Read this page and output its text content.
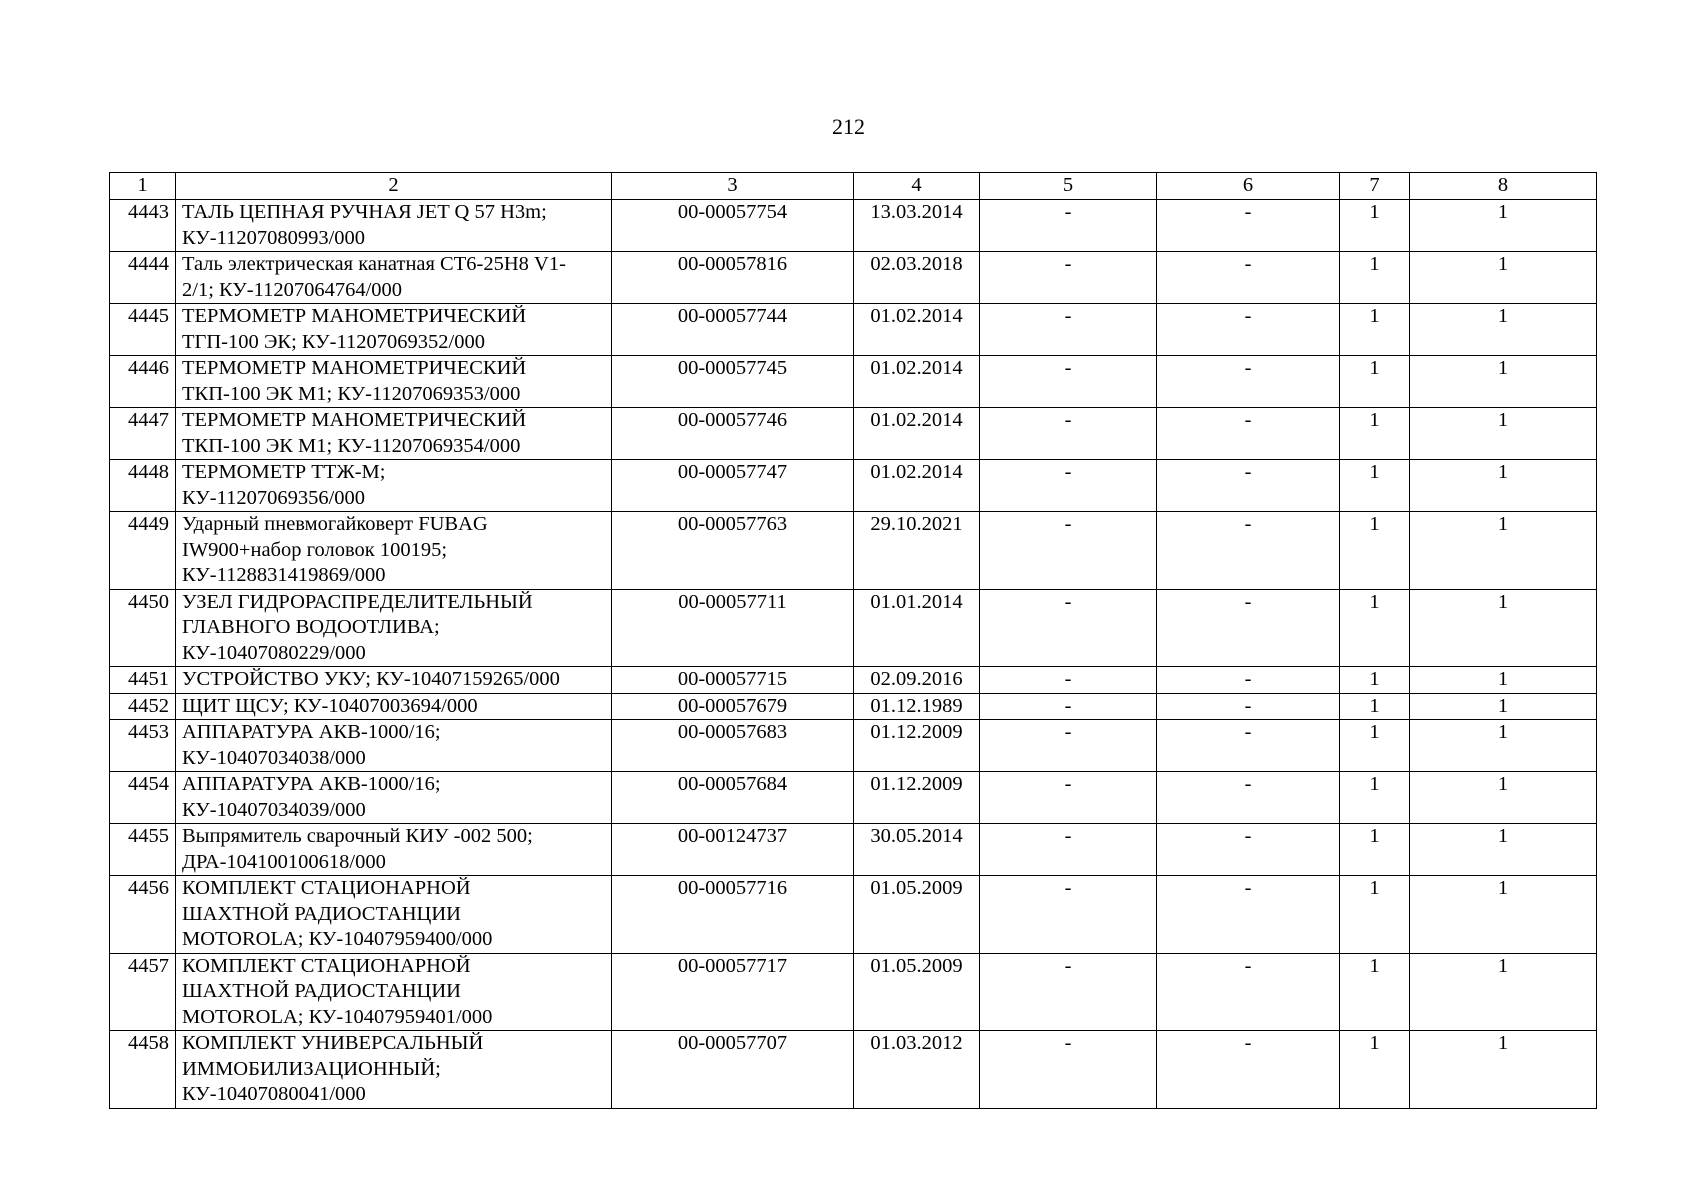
212
1	2	3	4	5	6	7	8
4443	ТАЛЬ ЦЕПНАЯ РУЧНАЯ JET Q 57 H3m;
КУ-11207080993/000	00-00057754	13.03.2014	-	-	1	1
4444	Таль электрическая канатная СТ6-25Н8 V1-
2/1; КУ-11207064764/000	00-00057816	02.03.2018	-	-	1	1
4445	ТЕРМОМЕТР МАНОМЕТРИЧЕСКИЙ
ТГП-100 ЭК; КУ-11207069352/000	00-00057744	01.02.2014	-	-	1	1
4446	ТЕРМОМЕТР МАНОМЕТРИЧЕСКИЙ
ТКП-100 ЭК М1; КУ-11207069353/000	00-00057745	01.02.2014	-	-	1	1
4447	ТЕРМОМЕТР МАНОМЕТРИЧЕСКИЙ
ТКП-100 ЭК М1; КУ-11207069354/000	00-00057746	01.02.2014	-	-	1	1
4448	ТЕРМОМЕТР ТТЖ-М;
КУ-11207069356/000	00-00057747	01.02.2014	-	-	1	1
4449	Ударный пневмогайковерт FUBAG
IW900+набор головок 100195;
КУ-1128831419869/000	00-00057763	29.10.2021	-	-	1	1
4450	УЗЕЛ ГИДРОРАСПРЕДЕЛИТЕЛЬНЫЙ
ГЛАВНОГО ВОДООТЛИВА;
КУ-10407080229/000	00-00057711	01.01.2014	-	-	1	1
4451	УСТРОЙСТВО УКУ; КУ-10407159265/000	00-00057715	02.09.2016	-	-	1	1
4452	ЩИТ ЩСУ; КУ-10407003694/000	00-00057679	01.12.1989	-	-	1	1
4453	АППАРАТУРА АКВ-1000/16;
КУ-10407034038/000	00-00057683	01.12.2009	-	-	1	1
4454	АППАРАТУРА АКВ-1000/16;
КУ-10407034039/000	00-00057684	01.12.2009	-	-	1	1
4455	Выпрямитель сварочный КИУ -002 500;
ДРА-104100100618/000	00-00124737	30.05.2014	-	-	1	1
4456	КОМПЛЕКТ СТАЦИОНАРНОЙ
ШАХТНОЙ РАДИОСТАНЦИИ
MOTOROLA; КУ-10407959400/000	00-00057716	01.05.2009	-	-	1	1
4457	КОМПЛЕКТ СТАЦИОНАРНОЙ
ШАХТНОЙ РАДИОСТАНЦИИ
MOTOROLA; КУ-10407959401/000	00-00057717	01.05.2009	-	-	1	1
4458	КОМПЛЕКТ УНИВЕРСАЛЬНЫЙ
ИММОБИЛИЗАЦИОННЫЙ;
КУ-10407080041/000	00-00057707	01.03.2012	-	-	1	1
